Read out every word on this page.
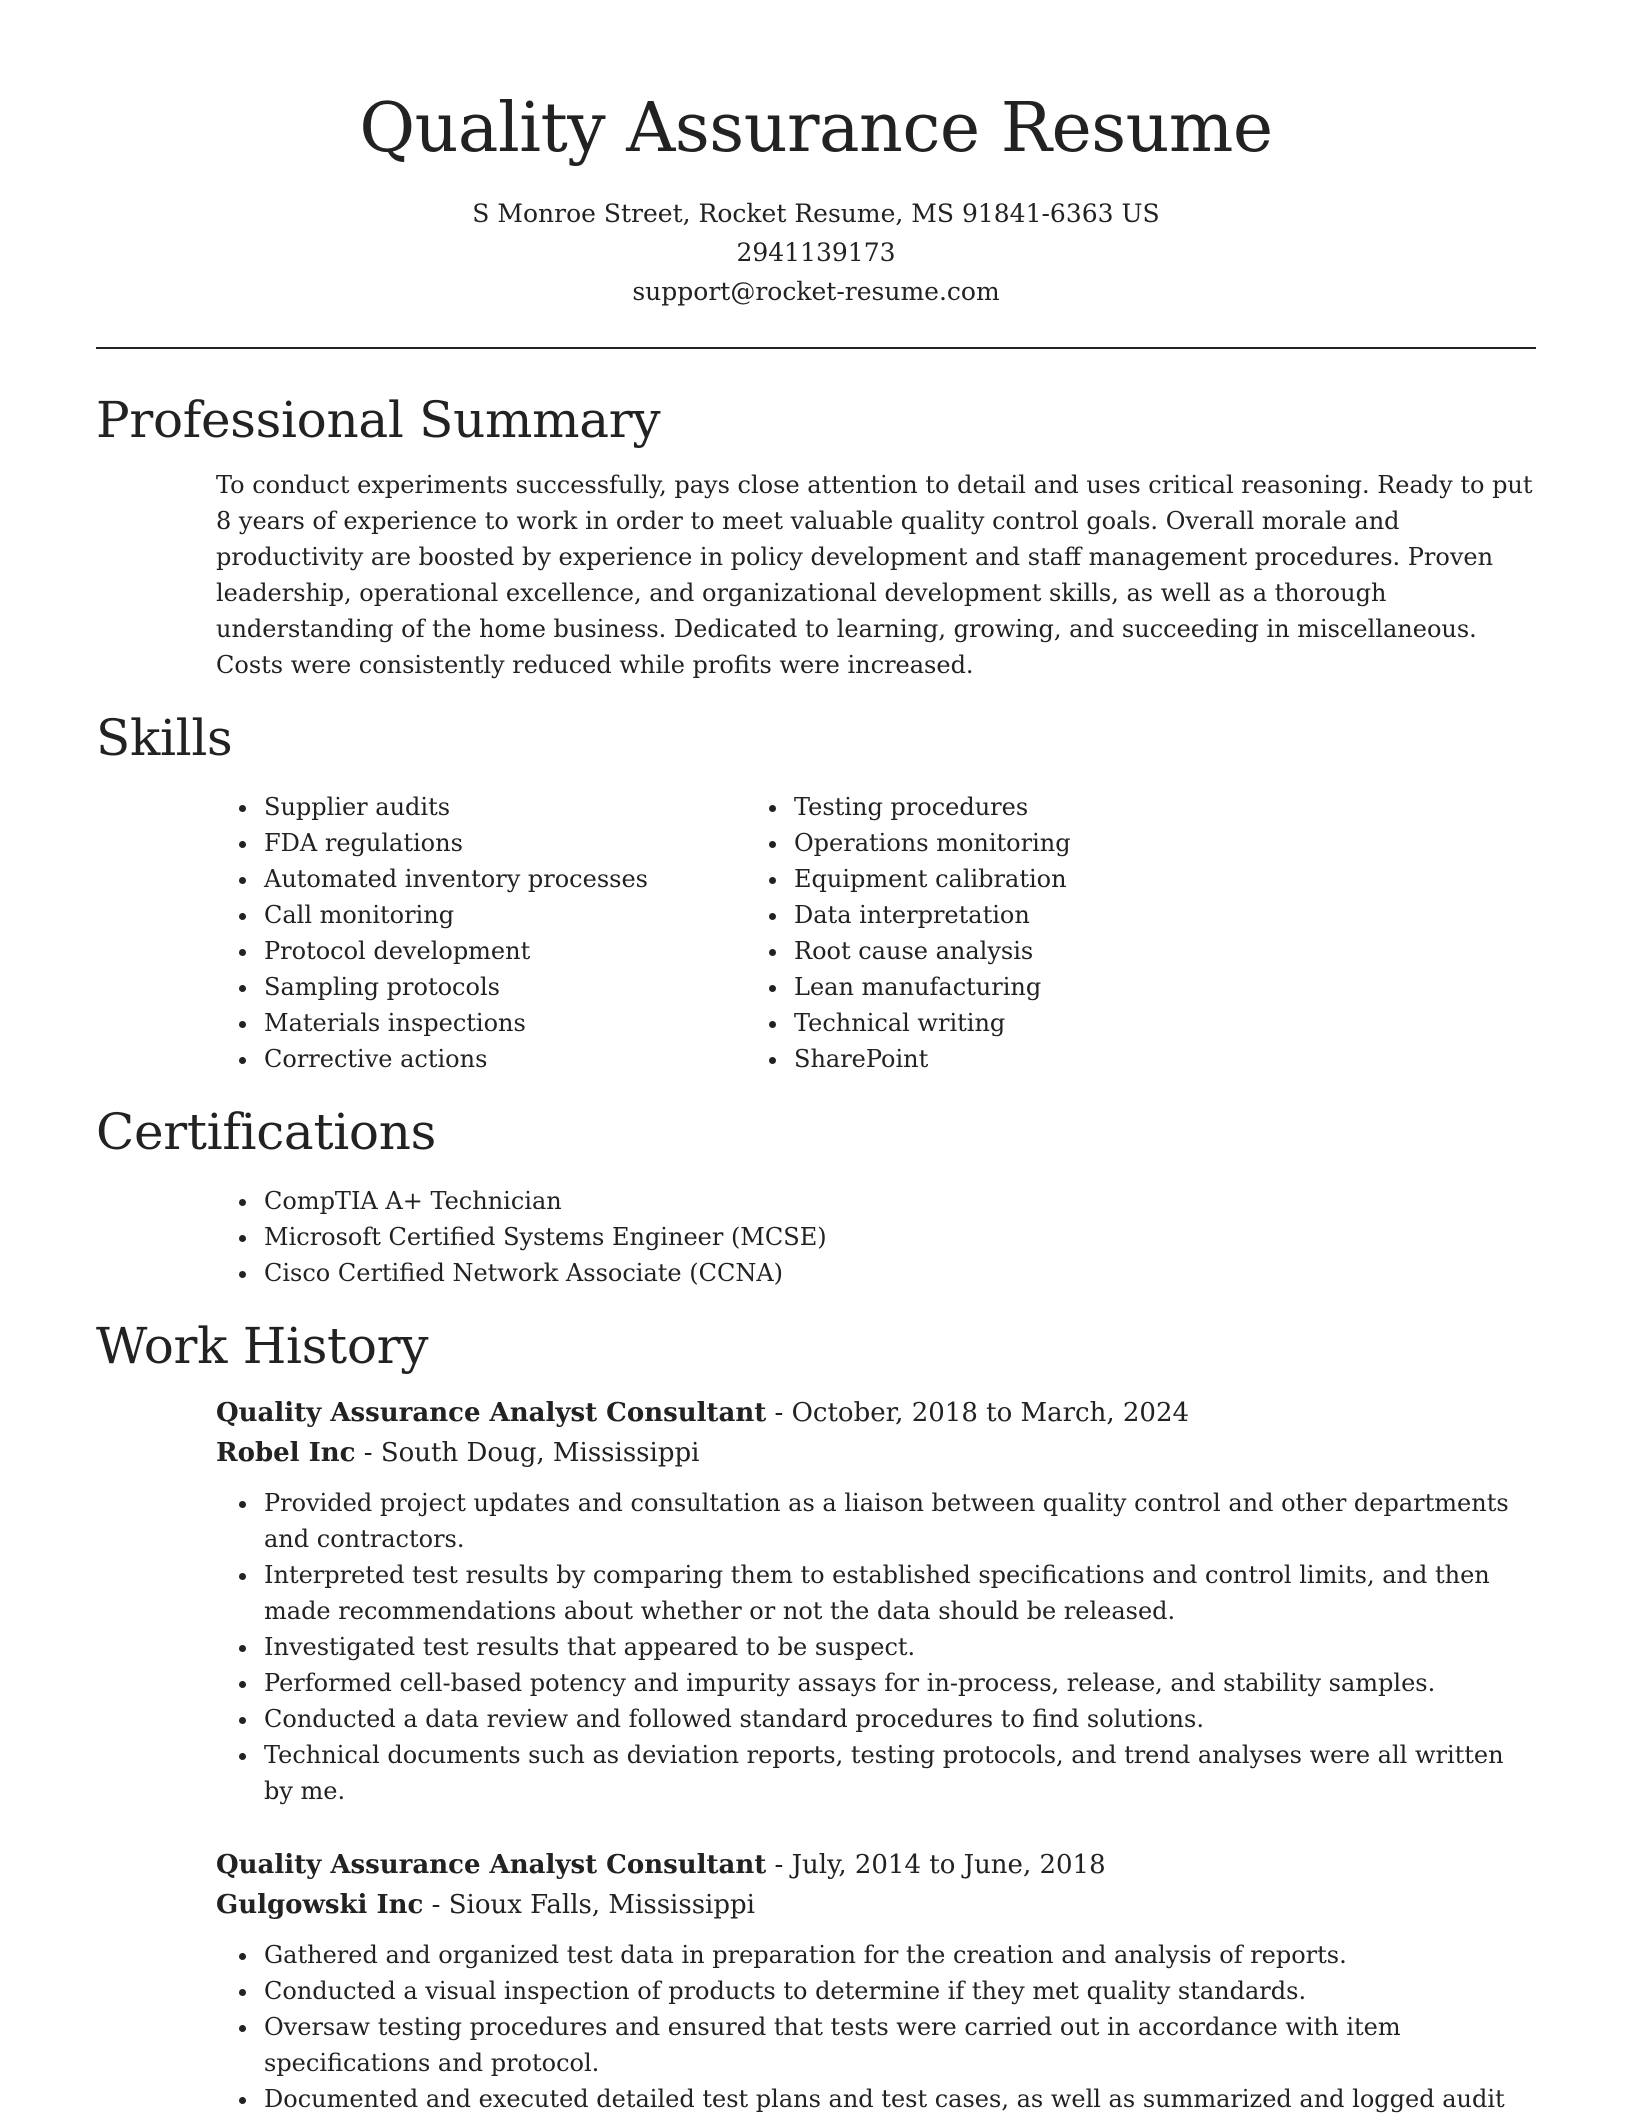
Quality Assurance Resume
S Monroe Street, Rocket Resume, MS 91841-6363 US
2941139173
support@rocket-resume.com
Professional Summary

To conduct experiments successfully, pays close attention to detail and uses critical reasoning. Ready to put 8 years of experience to work in order to meet valuable quality control goals. Overall morale and productivity are boosted by experience in policy development and staff management procedures. Proven leadership, operational excellence, and organizational development skills, as well as a thorough understanding of the home business. Dedicated to learning, growing, and succeeding in miscellaneous. Costs were consistently reduced while profits were increased.

Skills
• Supplier audits
• FDA regulations
• Automated inventory processes
• Call monitoring
• Protocol development
• Sampling protocols
• Materials inspections
• Corrective actions
• Testing procedures
• Operations monitoring
• Equipment calibration
• Data interpretation
• Root cause analysis
• Lean manufacturing
• Technical writing
• SharePoint
Certifications
• CompTIA A+ Technician
• Microsoft Certified Systems Engineer (MCSE)
• Cisco Certified Network Associate (CCNA)
Work History
Quality Assurance Analyst Consultant - October, 2018 to March, 2024
Robel Inc - South Doug, Mississippi
• Provided project updates and consultation as a liaison between quality control and other departments and contractors.
• Interpreted test results by comparing them to established specifications and control limits, and then made recommendations about whether or not the data should be released.
• Investigated test results that appeared to be suspect.
• Performed cell-based potency and impurity assays for in-process, release, and stability samples.
• Conducted a data review and followed standard procedures to find solutions.
• Technical documents such as deviation reports, testing protocols, and trend analyses were all written by me.
Quality Assurance Analyst Consultant - July, 2014 to June, 2018
Gulgowski Inc - Sioux Falls, Mississippi
• Gathered and organized test data in preparation for the creation and analysis of reports.
• Conducted a visual inspection of products to determine if they met quality standards.
• Oversaw testing procedures and ensured that tests were carried out in accordance with item specifications and protocol.
• Documented and executed detailed test plans and test cases, as well as summarized and logged audit
